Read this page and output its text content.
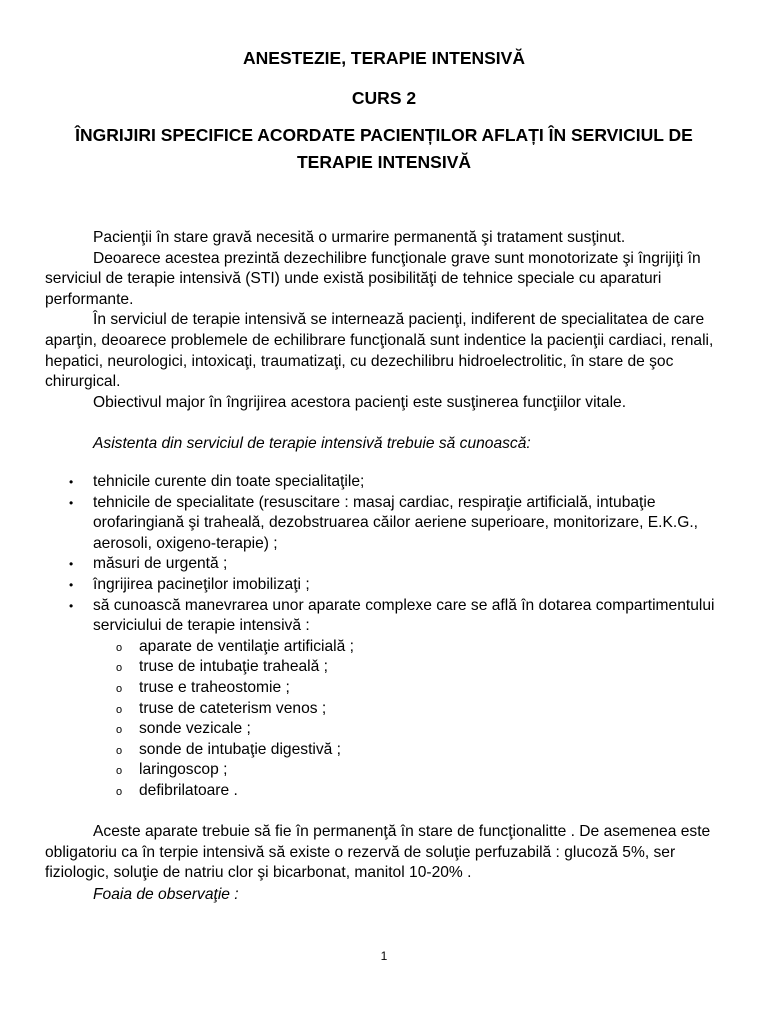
ANESTEZIE, TERAPIE INTENSIVĂ
CURS 2
ÎNGRIJIRI SPECIFICE ACORDATE PACIENȚILOR AFLAȚI ÎN SERVICIUL DE TERAPIE INTENSIVĂ

Pacienţii în stare gravă necesită o urmarire permanentă şi tratament susţinut.

Deoarece acestea prezintă dezechilibre funcţionale grave sunt monotorizate şi îngrijiţi în serviciul de terapie intensivă (STI) unde există posibilităţi de tehnice speciale cu aparaturi performante.

În serviciul de terapie intensivă se internează pacienţi, indiferent de specialitatea de care aparţin, deoarece problemele de echilibrare funcţională sunt indentice la pacienţii cardiaci, renali, hepatici, neurologici, intoxicaţi, traumatizaţi, cu dezechilibru hidroelectrolitic, în stare de şoc chirurgical.

Obiectivul major în îngrijirea acestora pacienţi este susţinerea funcţiilor vitale.

Asistenta din serviciul de terapie intensivă trebuie să cunoască:

• tehnicile curente din toate specialitaţile;
• tehnicile de specialitate (resuscitare : masaj cardiac, respiraţie artificială, intubaţie orofaringiană şi trahealǎ, dezobstruarea căilor aeriene superioare, monitorizare, E.K.G., aerosoli, oxigeno-terapie) ;
• măsuri de urgentă ;
• îngrijirea pacineţilor imobilizaţi ;
• să cunoască manevrarea unor aparate complexe care se află în dotarea compartimentului serviciului de terapie intensivă :
o aparate de ventilaţie artificială ;
o truse de intubaţie trahealǎ ;
o truse e traheostomie ;
o truse de cateterism venos ;
o sonde vezicale ;
o sonde de intubaţie digestivă ;
o laringoscop ;
o defibrilatoare .

Aceste aparate trebuie să fie în permanenţă în stare de funcţionalitte . De asemenea este obligatoriu ca în terpie intensivă să existe o rezervă de soluţie perfuzabilă : glucoză 5%, ser fiziologic, soluţie de natriu clor şi bicarbonat, manitol 10-20% .

Foaia de observaţie :

1
